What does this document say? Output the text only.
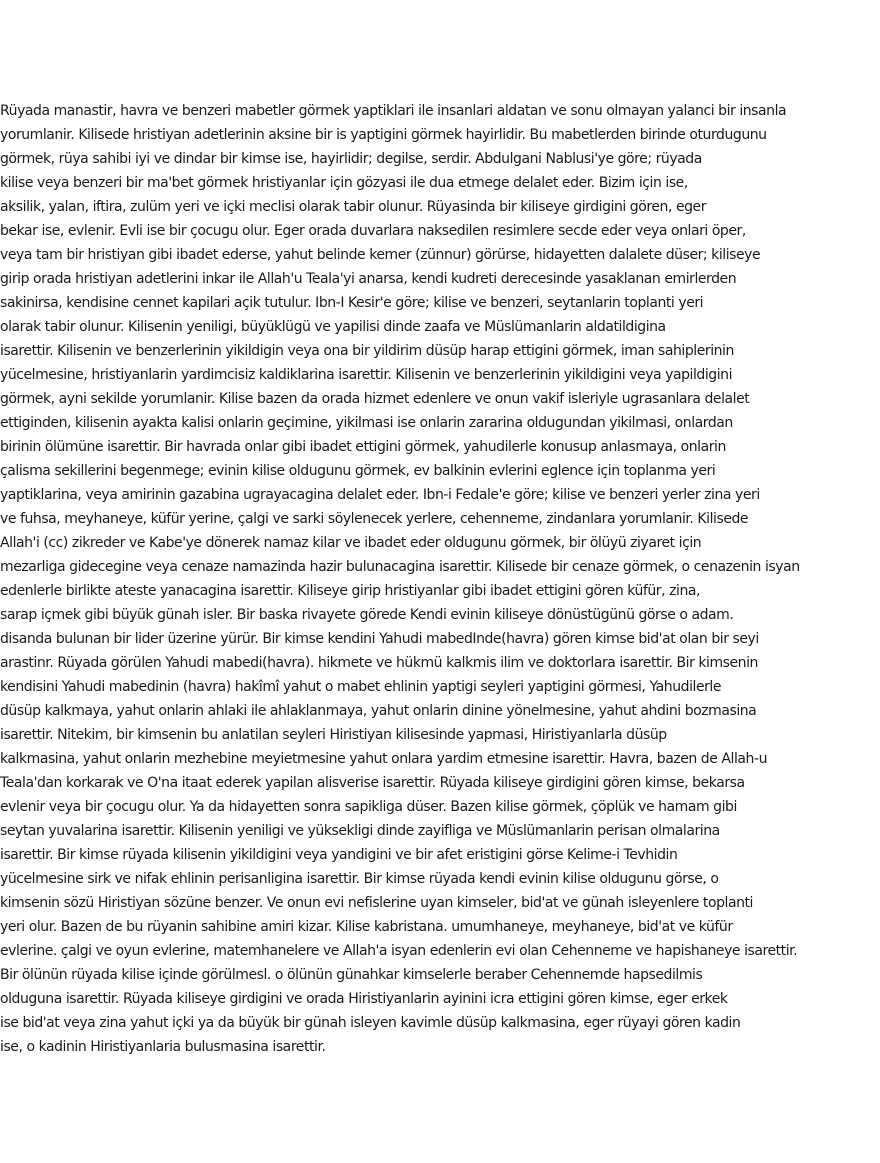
Rüyada manastir, havra ve benzeri mabetler görmek yaptiklari ile insanlari aldatan ve sonu olmayan yalanci bir insanla

yorumlanir. Kilisede hristiyan adetlerinin aksine bir is yaptigini görmek hayirlidir. Bu mabetlerden birinde oturdugunu

görmek, rüya sahibi iyi ve dindar bir kimse ise, hayirlidir; degilse, serdir. Abdulgani Nablusi'ye göre; rüyada

kilise veya benzeri bir ma'bet görmek hristiyanlar için gözyasi ile dua etmege delalet eder. Bizim için ise,

aksilik, yalan, iftira, zulüm yeri ve içki meclisi olarak tabir olunur. Rüyasinda bir kiliseye girdigini gören, eger

bekar ise, evlenir. Evli ise bir çocugu olur. Eger orada duvarlara naksedilen resimlere secde eder veya onlari öper,

veya tam bir hristiyan gibi ibadet ederse, yahut belinde kemer (zünnur) görürse, hidayetten dalalete düser; kiliseye

girip orada hristiyan adetlerini inkar ile Allah'u Teala'yi anarsa, kendi kudreti derecesinde yasaklanan emirlerden

sakinirsa, kendisine cennet kapilari açik tutulur. Ibn-I Kesir'e göre; kilise ve benzeri, seytanlarin toplanti yeri

olarak tabir olunur. Kilisenin yeniligi, büyüklügü ve yapilisi dinde zaafa ve Müslümanlarin aldatildigina

isarettir. Kilisenin ve benzerlerinin yikildigin veya ona bir yildirim düsüp harap ettigini görmek, iman sahiplerinin

yücelmesine, hristiyanlarin yardimcisiz kaldiklarina isarettir. Kilisenin ve benzerlerinin yikildigini veya yapildigini

görmek, ayni sekilde yorumlanir. Kilise bazen da orada hizmet edenlere ve onun vakif isleriyle ugrasanlara delalet

ettiginden, kilisenin ayakta kalisi onlarin geçimine, yikilmasi ise onlarin zararina oldugundan yikilmasi, onlardan

birinin ölümüne isarettir. Bir havrada onlar gibi ibadet ettigini görmek, yahudilerle konusup anlasmaya, onlarin

çalisma sekillerini begenmege; evinin kilise oldugunu görmek, ev balkinin evlerini eglence için toplanma yeri

yaptiklarina, veya amirinin gazabina ugrayacagina delalet eder. Ibn-i Fedale'e göre; kilise ve benzeri yerler zina yeri

ve fuhsa, meyhaneye, küfür yerine, çalgi ve sarki söylenecek yerlere, cehenneme, zindanlara yorumlanir. Kilisede

Allah'i (cc) zikreder ve Kabe'ye dönerek namaz kilar ve ibadet eder oldugunu görmek, bir ölüyü ziyaret için

mezarliga gidecegine veya cenaze namazinda hazir bulunacagina isarettir. Kilisede bir cenaze görmek, o cenazenin isyan

edenlerle birlikte ateste yanacagina isarettir. Kiliseye girip hristiyanlar gibi ibadet ettigini gören küfür, zina,

sarap içmek gibi büyük günah isler. Bir baska rivayete görede Kendi evinin kiliseye dönüstügünü görse o adam.

disanda bulunan bir lider üzerine yürür. Bir kimse kendini Yahudi mabedInde(havra) gören kimse bid'at olan bir seyi

arastinr. Rüyada görülen Yahudi mabedi(havra). hikmete ve hükmü kalkmis ilim ve doktorlara isarettir. Bir kimsenin

kendisini Yahudi mabedinin (havra) hakîmî yahut o mabet ehlinin yaptigi seyleri yaptigini görmesi, Yahudilerle

düsüp kalkmaya, yahut onlarin ahlaki ile ahlaklanmaya, yahut onlarin dinine yönelmesine, yahut ahdini bozmasina

isarettir. Nitekim, bir kimsenin bu anlatilan seyleri Hiristiyan kilisesinde yapmasi, Hiristiyanlarla düsüp

kalkmasina, yahut onlarin mezhebine meyietmesine yahut onlara yardim etmesine isarettir. Havra, bazen de Allah-u

Teala'dan korkarak ve O'na itaat ederek yapilan alisverise isarettir. Rüyada kiliseye girdigini gören kimse, bekarsa

evlenir veya bir çocugu olur. Ya da hidayetten sonra sapikliga düser. Bazen kilise görmek, çöplük ve hamam gibi

seytan yuvalarina isarettir. Kilisenin yeniligi ve yüksekligi dinde zayifliga ve Müslümanlarin perisan olmalarina

isarettir. Bir kimse rüyada kilisenin yikildigini veya yandigini ve bir afet eristigini görse Kelime-i Tevhidin

yücelmesine sirk ve nifak ehlinin perisanligina isarettir. Bir kimse rüyada kendi evinin kilise oldugunu görse, o

kimsenin sözü Hiristiyan sözüne benzer. Ve onun evi nefislerine uyan kimseler, bid'at ve günah isleyenlere toplanti

yeri olur. Bazen de bu rüyanin sahibine amiri kizar. Kilise kabristana. umumhaneye, meyhaneye, bid'at ve küfür

evlerine. çalgi ve oyun evlerine, matemhanelere ve Allah'a isyan edenlerin evi olan Cehenneme ve hapishaneye isarettir.

Bir ölünün rüyada kilise içinde görülmesl. o ölünün günahkar kimselerle beraber Cehennemde hapsedilmis

olduguna isarettir. Rüyada kiliseye girdigini ve orada Hiristiyanlarin ayinini icra ettigini gören kimse, eger erkek

ise bid'at veya zina yahut içki ya da büyük bir günah isleyen kavimle düsüp kalkmasina, eger rüyayi gören kadin

ise, o kadinin Hiristiyanlaria bulusmasina isarettir.
